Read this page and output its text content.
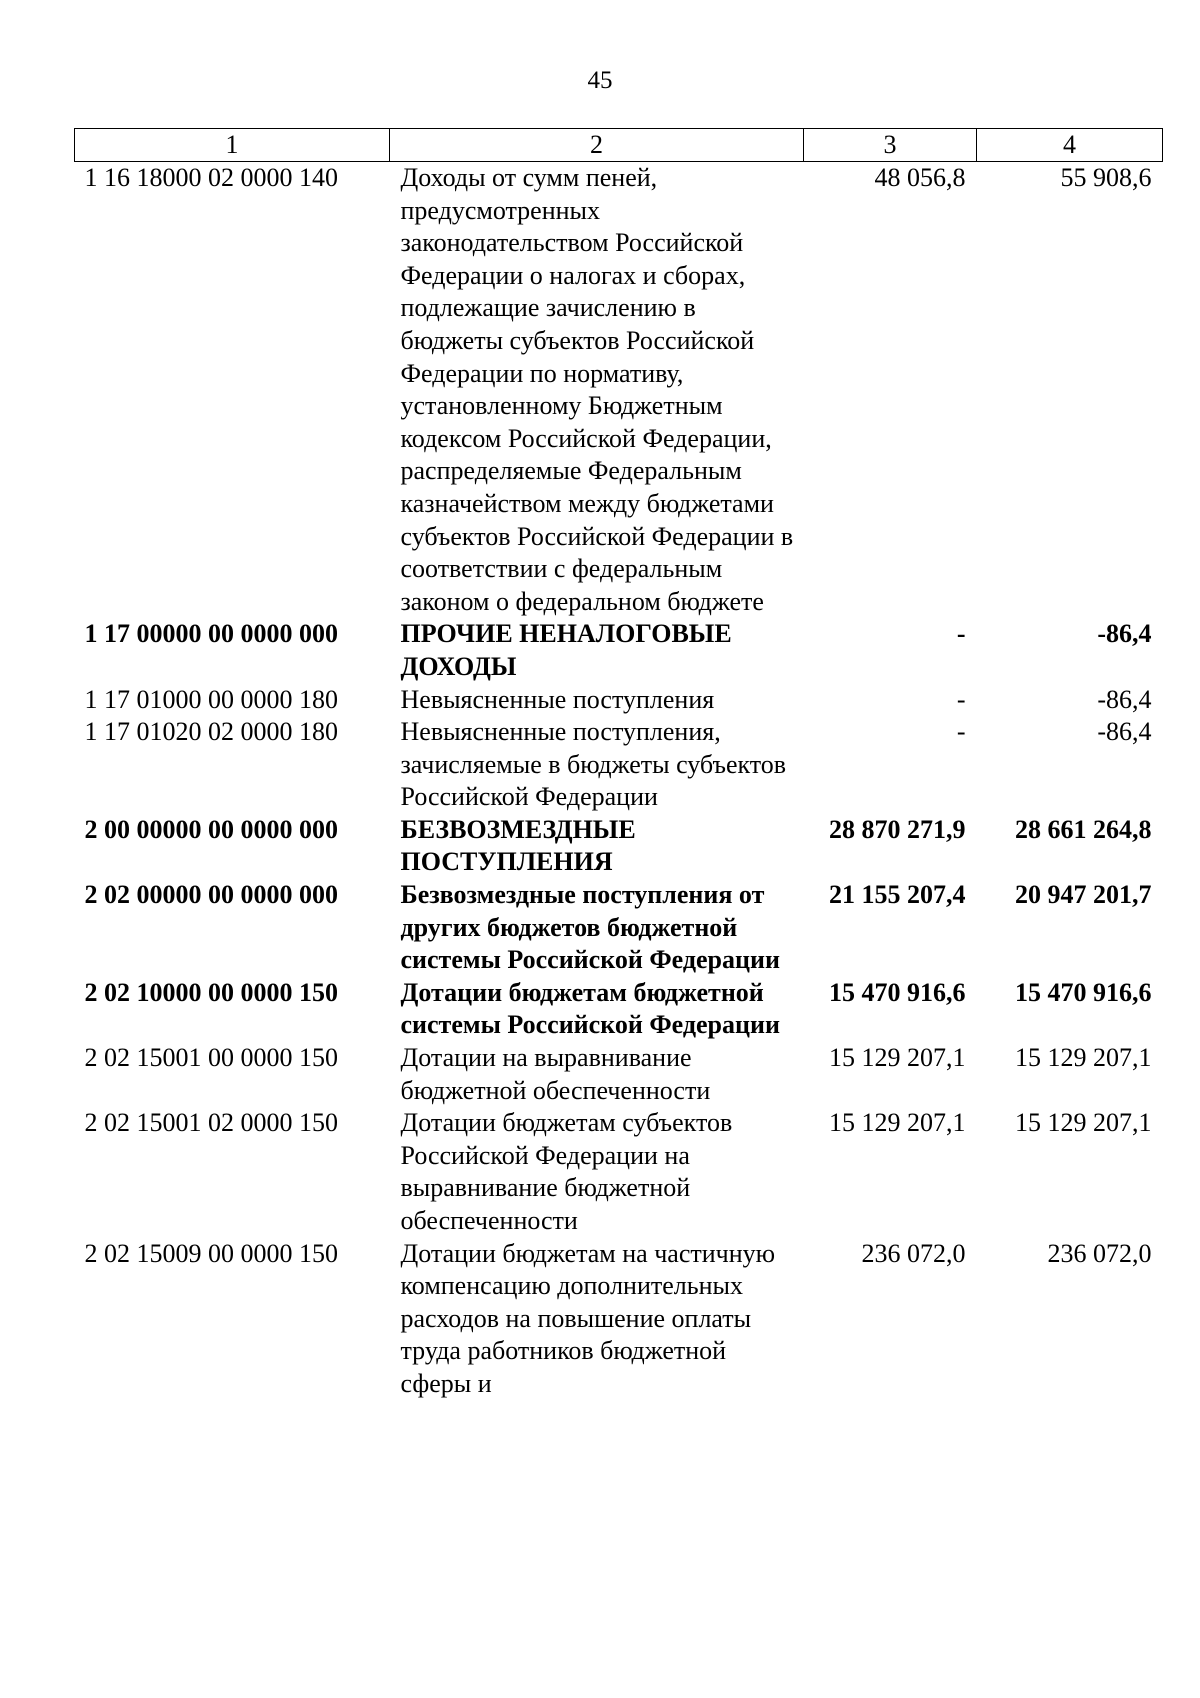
45
1	2	3	4
1 16 18000 02 0000 140	Доходы от сумм пеней, предусмотренных законодательством Российской Федерации о налогах и сборах, подлежащие зачислению в бюджеты субъектов Российской Федерации по нормативу, установленному Бюджетным кодексом Российской Федерации, распределяемые Федеральным казначейством между бюджетами субъектов Российской Федерации в соответствии с федеральным законом о федеральном бюджете	48 056,8	55 908,6
1 17 00000 00 0000 000	ПРОЧИЕ НЕНАЛОГОВЫЕ ДОХОДЫ	-	-86,4
1 17 01000 00 0000 180	Невыясненные поступления	-	-86,4
1 17 01020 02 0000 180	Невыясненные поступления, зачисляемые в бюджеты субъектов Российской Федерации	-	-86,4
2 00 00000 00 0000 000	БЕЗВОЗМЕЗДНЫЕ ПОСТУПЛЕНИЯ	28 870 271,9	28 661 264,8
2 02 00000 00 0000 000	Безвозмездные поступления от других бюджетов бюджетной системы Российской Федерации	21 155 207,4	20 947 201,7
2 02 10000 00 0000 150	Дотации бюджетам бюджетной системы Российской Федерации	15 470 916,6	15 470 916,6
2 02 15001 00 0000 150	Дотации на выравнивание бюджетной обеспеченности	15 129 207,1	15 129 207,1
2 02 15001 02 0000 150	Дотации бюджетам субъектов Российской Федерации на выравнивание бюджетной обеспеченности	15 129 207,1	15 129 207,1
2 02 15009 00 0000 150	Дотации бюджетам на частичную компенсацию дополнительных расходов на повышение оплаты труда работников бюджетной сферы и	236 072,0	236 072,0
